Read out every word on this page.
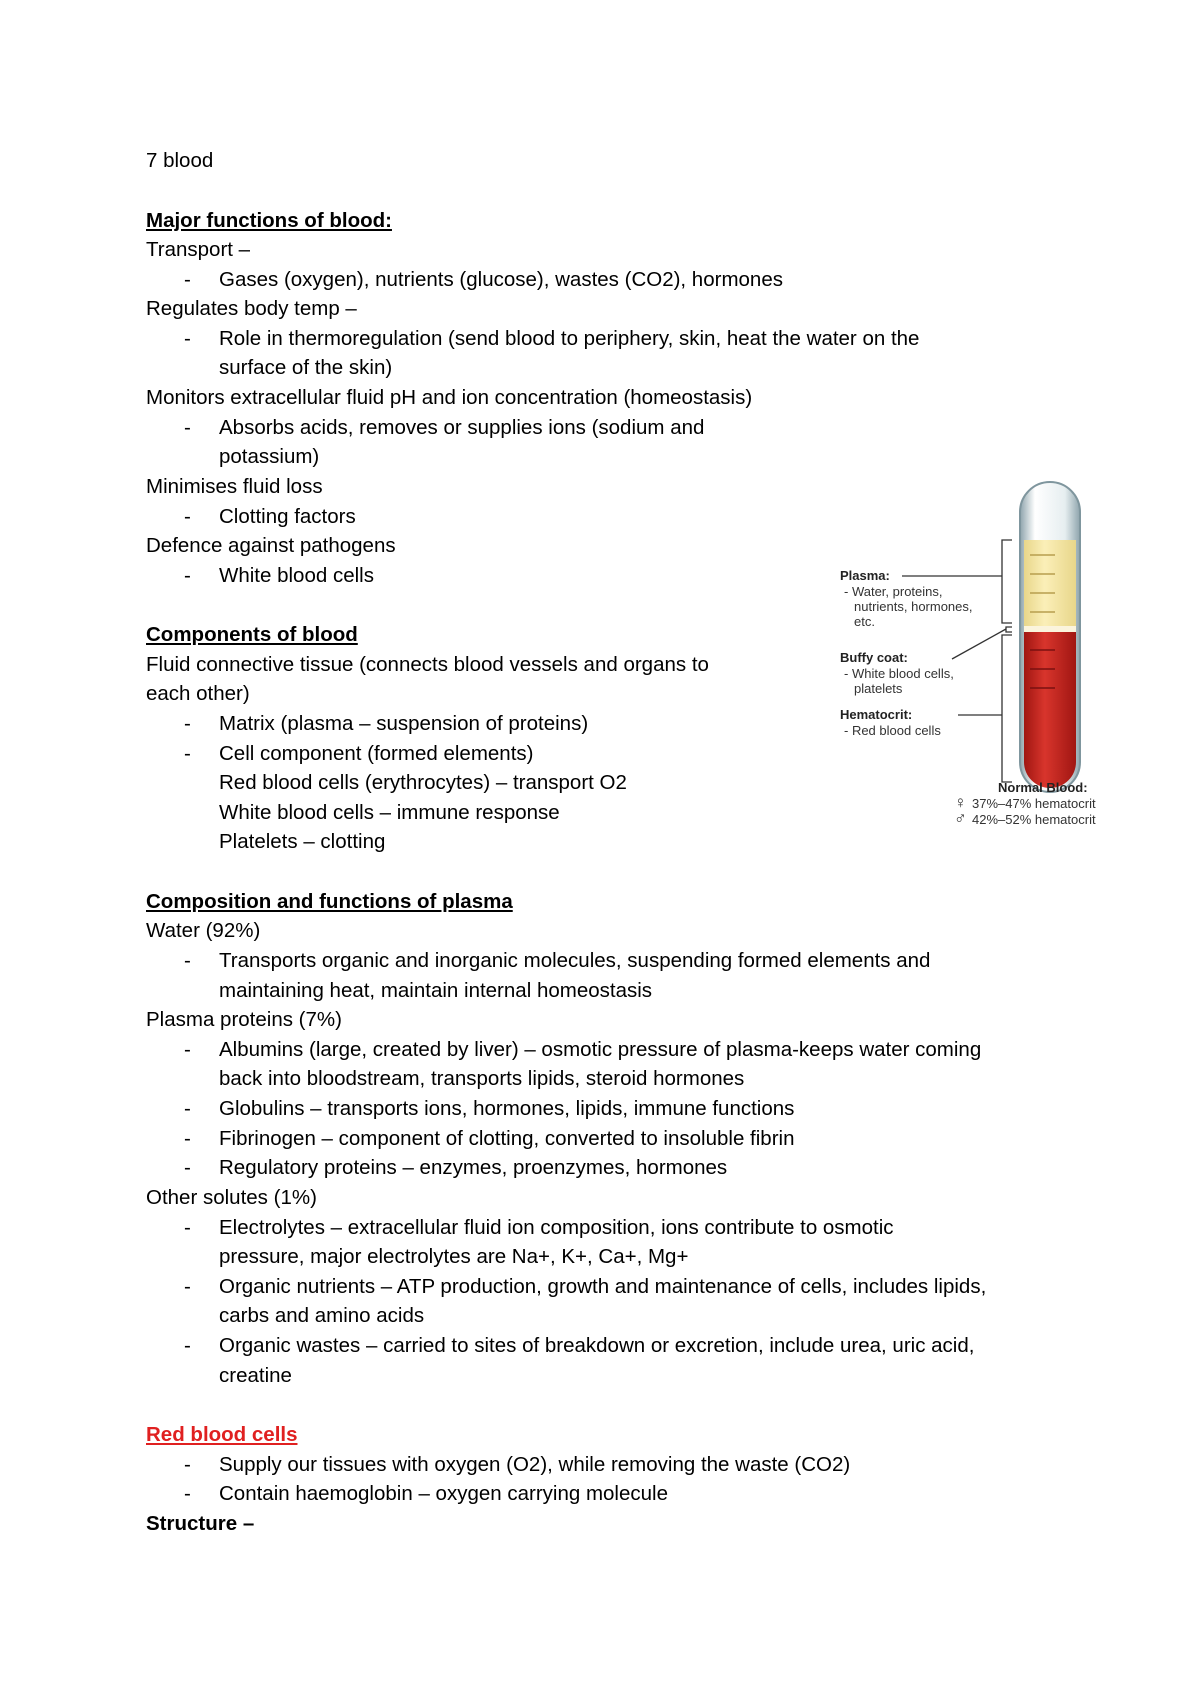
7 blood
Major functions of blood:
Transport –
- Gases (oxygen), nutrients (glucose), wastes (CO2), hormones
Regulates body temp –
- Role in thermoregulation (send blood to periphery, skin, heat the water on the
surface of the skin)
Monitors extracellular fluid pH and ion concentration (homeostasis)
- Absorbs acids, removes or supplies ions (sodium and
potassium)
Minimises fluid loss
- Clotting factors
Defence against pathogens
- White blood cells
Components of blood
Fluid connective tissue (connects blood vessels and organs to
each other)
- Matrix (plasma – suspension of proteins)
- Cell component (formed elements)
Red blood cells (erythrocytes) – transport O2
White blood cells – immune response
Platelets – clotting
Composition and functions of plasma
Water (92%)
- Transports organic and inorganic molecules, suspending formed elements and
maintaining heat, maintain internal homeostasis
Plasma proteins (7%)
- Albumins (large, created by liver) – osmotic pressure of plasma-keeps water coming
back into bloodstream, transports lipids, steroid hormones
- Globulins – transports ions, hormones, lipids, immune functions
- Fibrinogen – component of clotting, converted to insoluble fibrin
- Regulatory proteins – enzymes, proenzymes, hormones
Other solutes (1%)
- Electrolytes – extracellular fluid ion composition, ions contribute to osmotic
pressure, major electrolytes are Na+, K+, Ca+, Mg+
- Organic nutrients – ATP production, growth and maintenance of cells, includes lipids,
carbs and amino acids
- Organic wastes – carried to sites of breakdown or excretion, include urea, uric acid,
creatine
Red blood cells
- Supply our tissues with oxygen (O2), while removing the waste (CO2)
- Contain haemoglobin – oxygen carrying molecule
Structure –
Plasma:
- Water, proteins,
nutrients, hormones,
etc.
Buffy coat:
- White blood cells,
platelets
Hematocrit:
- Red blood cells
Normal Blood:
♀ 37%–47% hematocrit
♂ 42%–52% hematocrit
